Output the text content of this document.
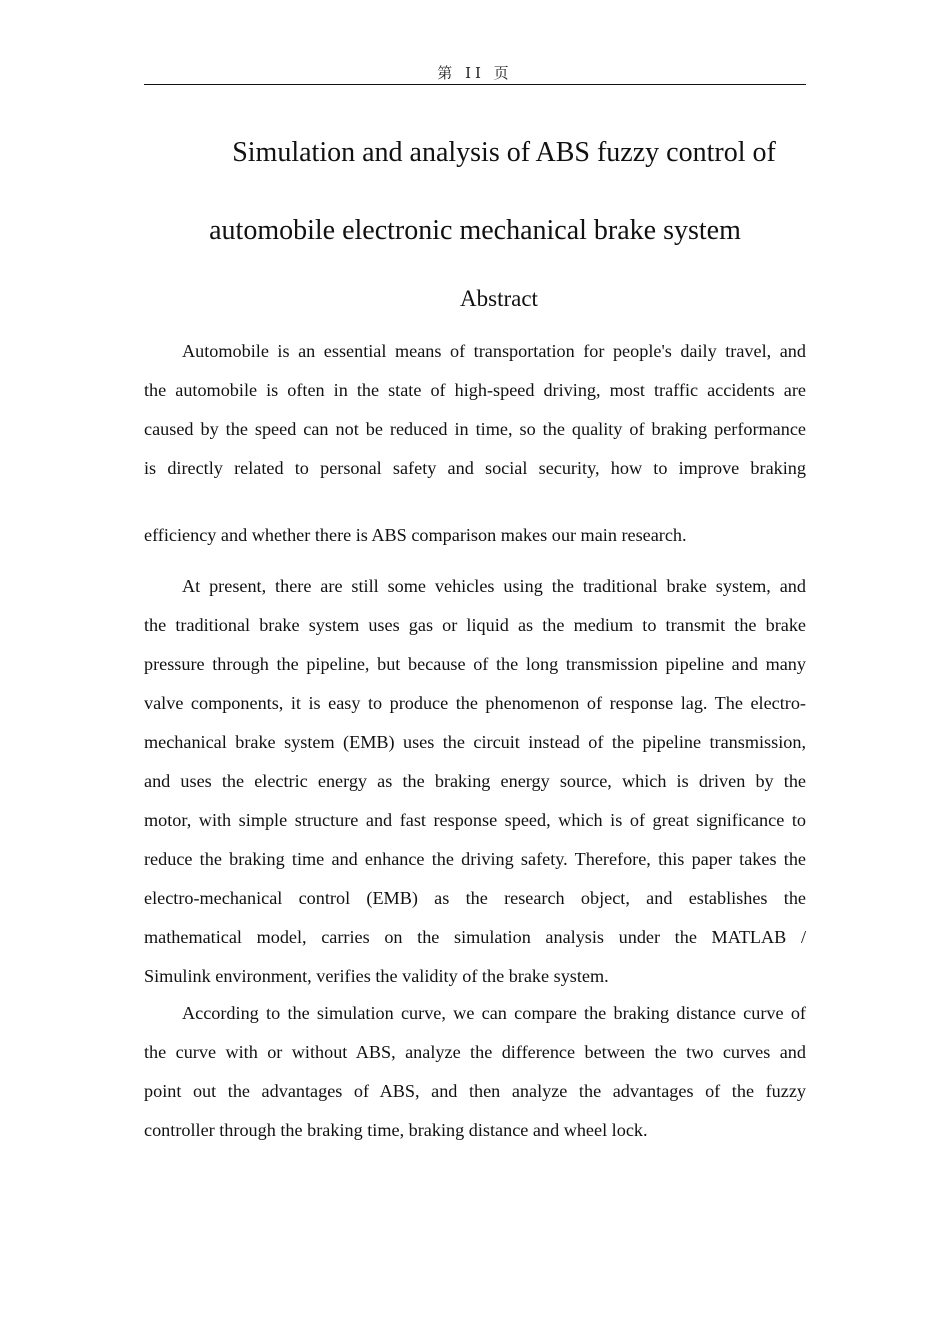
第 II 页
Simulation and analysis of ABS fuzzy control of
automobile electronic mechanical brake system
Abstract
Automobile is an essential means of transportation for people's daily travel, and
the automobile is often in the state of high-speed driving, most traffic accidents are
caused by the speed can not be reduced in time, so the quality of braking performance
is directly related to personal safety and social security, how to improve braking
efficiency and whether there is ABS comparison makes our main research.
At present, there are still some vehicles using the traditional brake system, and
the traditional brake system uses gas or liquid as the medium to transmit the brake
pressure through the pipeline, but because of the long transmission pipeline and many
valve components, it is easy to produce the phenomenon of response lag. The electro-
mechanical brake system (EMB) uses the circuit instead of the pipeline transmission,
and uses the electric energy as the braking energy source, which is driven by the
motor, with simple structure and fast response speed, which is of great significance to
reduce the braking time and enhance the driving safety. Therefore, this paper takes the
electro-mechanical control (EMB) as the research object, and establishes the
mathematical model, carries on the simulation analysis under the MATLAB /
Simulink environment, verifies the validity of the brake system.
According to the simulation curve, we can compare the braking distance curve of
the curve with or without ABS, analyze the difference between the two curves and
point out the advantages of ABS, and then analyze the advantages of the fuzzy
controller through the braking time, braking distance and wheel lock.
